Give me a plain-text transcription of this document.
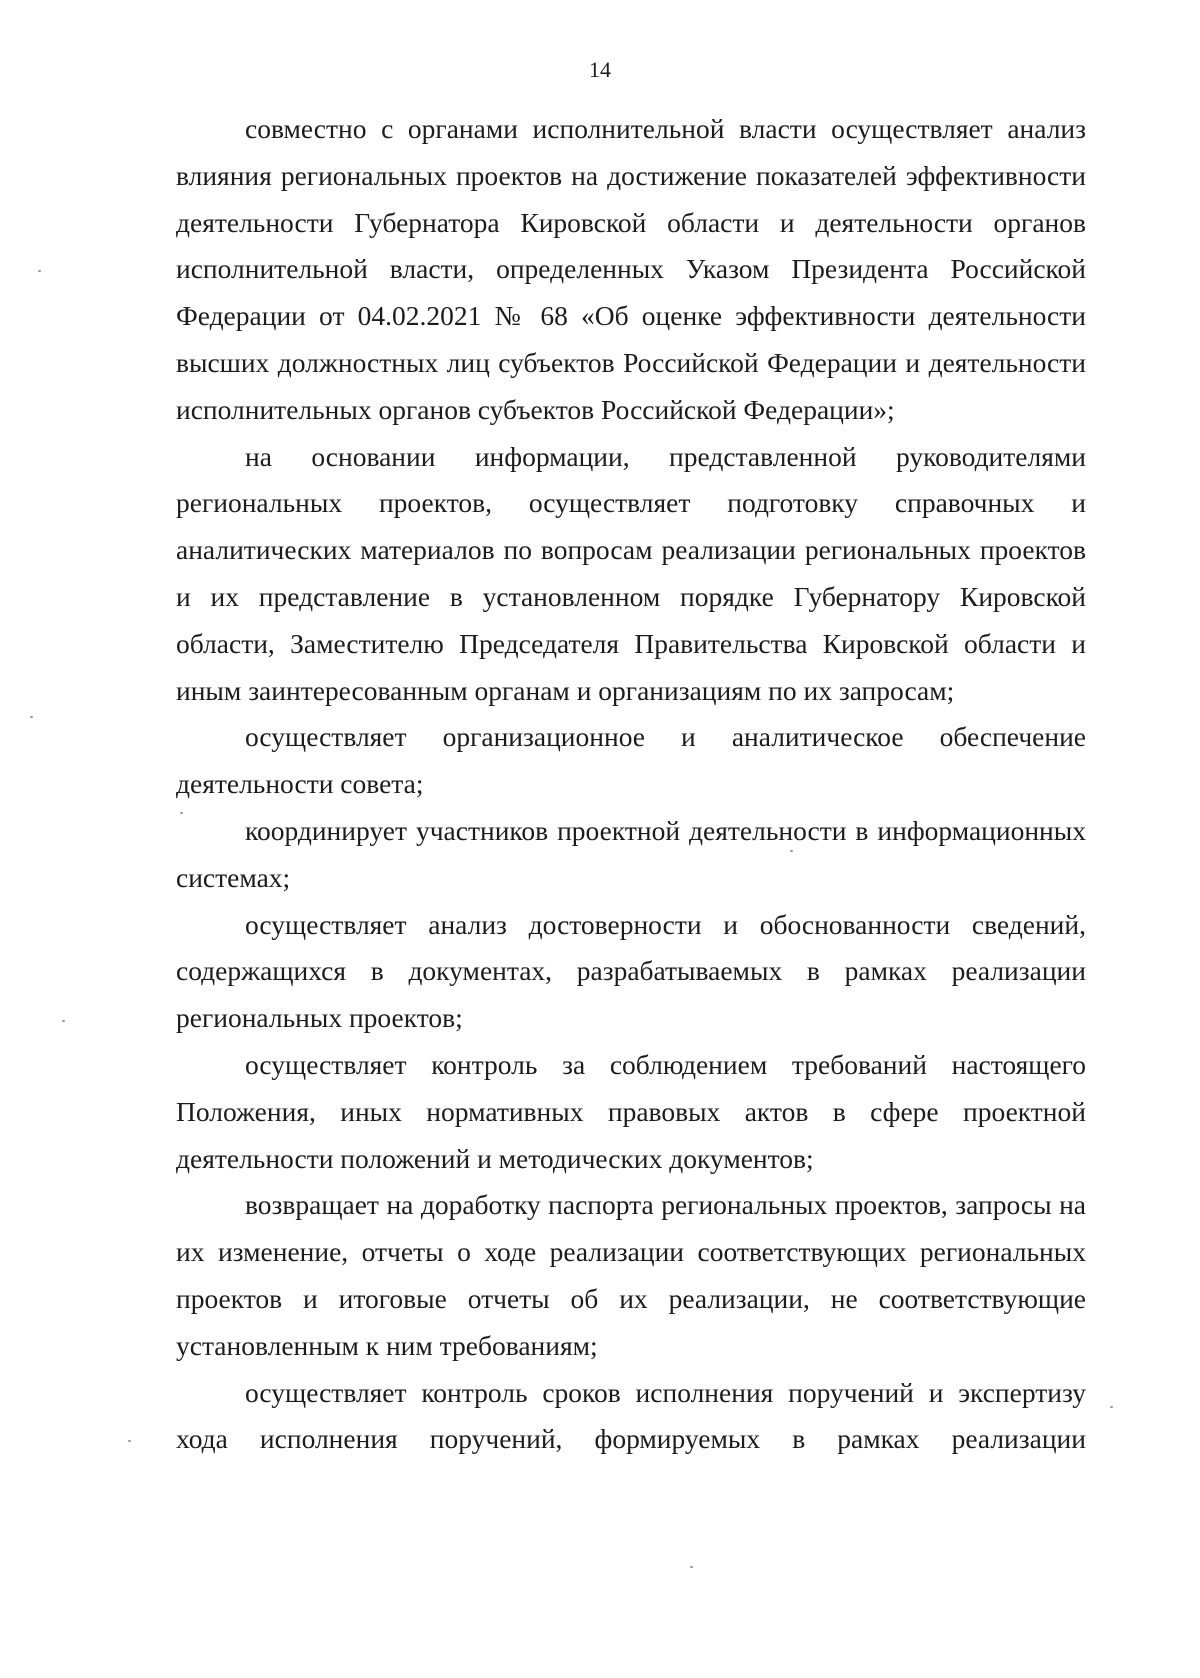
14

совместно с органами исполнительной власти осуществляет анализ влияния региональных проектов на достижение показателей эффективности деятельности Губернатора Кировской области и деятельности органов исполнительной власти, определенных Указом Президента Российской Федерации от 04.02.2021 № 68 «Об оценке эффективности деятельности высших должностных лиц субъектов Российской Федерации и деятельности исполнительных органов субъектов Российской Федерации»;

на основании информации, представленной руководителями региональных проектов, осуществляет подготовку справочных и аналитических материалов по вопросам реализации региональных проектов и их представление в установленном порядке Губернатору Кировской области, Заместителю Председателя Правительства Кировской области и иным заинтересованным органам и организациям по их запросам;

осуществляет организационное и аналитическое обеспечение деятельности совета;

координирует участников проектной деятельности в информационных системах;

осуществляет анализ достоверности и обоснованности сведений, содержащихся в документах, разрабатываемых в рамках реализации региональных проектов;

осуществляет контроль за соблюдением требований настоящего Положения, иных нормативных правовых актов в сфере проектной деятельности положений и методических документов;

возвращает на доработку паспорта региональных проектов, запросы на их изменение, отчеты о ходе реализации соответствующих региональных проектов и итоговые отчеты об их реализации, не соответствующие установленным к ним требованиям;

осуществляет контроль сроков исполнения поручений и экспертизу хода исполнения поручений, формируемых в рамках реализации
